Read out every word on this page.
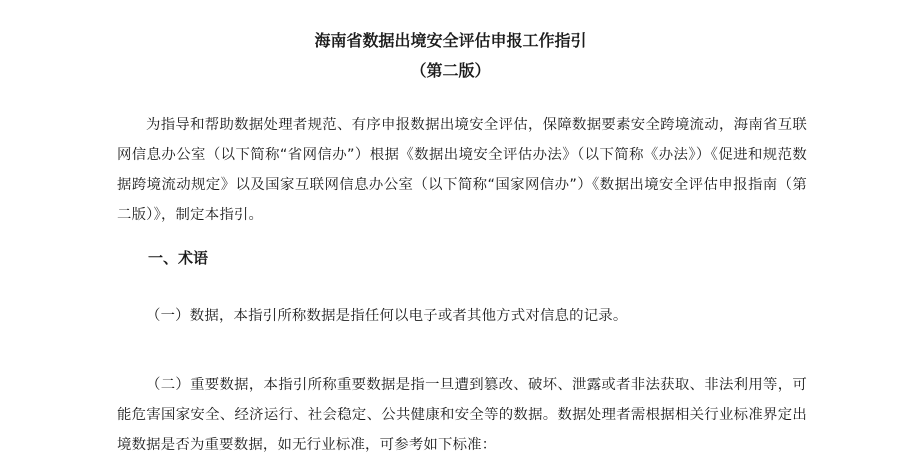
海南省数据出境安全评估申报工作指引
（第二版）
为指导和帮助数据处理者规范、有序申报数据出境安全评估，保障数据要素安全跨境流动，海南省互联网信息办公室（以下简称“省网信办”）根据《数据出境安全评估办法》（以下简称《办法》）《促进和规范数据跨境流动规定》以及国家互联网信息办公室（以下简称“国家网信办”）《数据出境安全评估申报指南（第二版）》，制定本指引。
一、术语
（一）数据，本指引所称数据是指任何以电子或者其他方式对信息的记录。
（二）重要数据，本指引所称重要数据是指一旦遭到篡改、破坏、泄露或者非法获取、非法利用等，可能危害国家安全、经济运行、社会稳定、公共健康和安全等的数据。数据处理者需根据相关行业标准界定出境数据是否为重要数据，如无行业标准，可参考如下标准：
